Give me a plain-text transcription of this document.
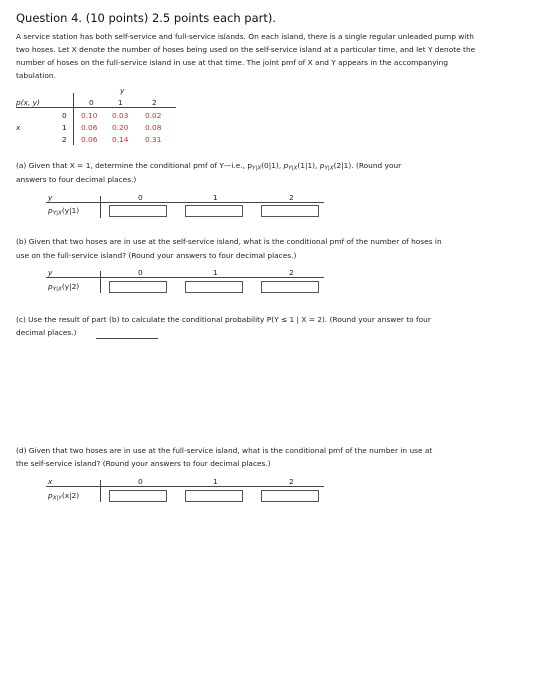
Question 4. (10 points) 2.5 points each part).
A service station has both self-service and full-service islands. On each island, there is a single regular unleaded pump with
two hoses. Let X denote the number of hoses being used on the self-service island at a particular time, and let Y denote the
number of hoses on the full-service island in use at that time. The joint pmf of X and Y appears in the accompanying
tabulation.
y
p(x, y)	0	1	2
x
0 0.10 0.03 0.02
1 0.06 0.20 0.08
2 0.06 0.14 0.31
(a) Given that X = 1, determine the conditional pmf of Y—i.e., $p_{Y|X}(0|1)$, $p_{Y|X}(1|1)$, $p_{Y|X}(2|1)$. (Round your
answers to four decimal places.)
y	0	1	2
$p_{Y|X}(y|1)$
(b) Given that two hoses are in use at the self-service island, what is the conditional pmf of the number of hoses in
use on the full-service island? (Round your answers to four decimal places.)
y	0	1	2
$p_{Y|X}(y|2)$
(c) Use the result of part (b) to calculate the conditional probability P(Y ≤ 1 | X = 2). (Round your answer to four
decimal places.)
(d) Given that two hoses are in use at the full-service island, what is the conditional pmf of the number in use at
the self-service island? (Round your answers to four decimal places.)
x	0	1	2
$p_{X|Y}(x|2)$
